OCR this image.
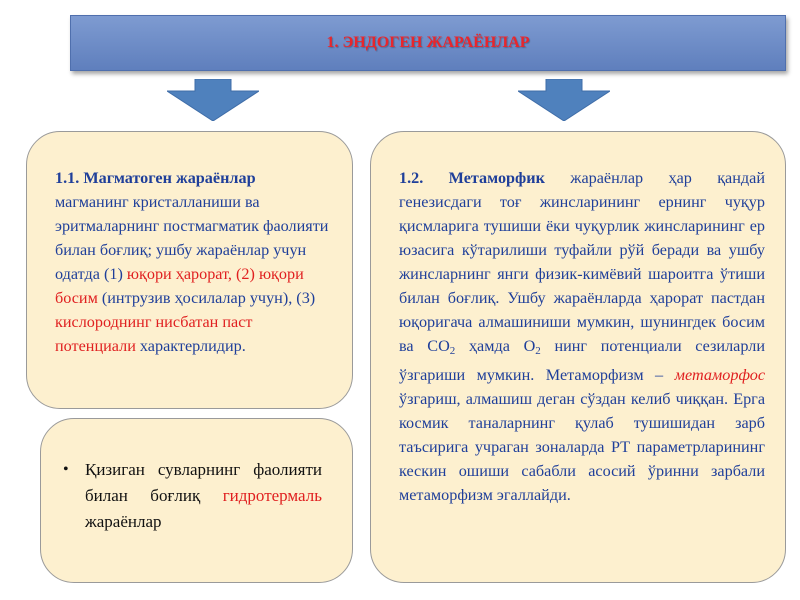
1. ЭНДОГЕН ЖАРАЁНЛАР
1.1. Магматоген жараёнлар магманинг кристалланиши ва эритмаларнинг постмагматик фаолияти билан боғлиқ; ушбу жараёнлар учун одатда (1) юқори ҳарорат, (2) юқори босим (интрузив ҳосилалар учун), (3) кислороднинг нисбатан паст потенциали характерлидир.
1.2. Метаморфик жараёнлар ҳар қандай генезисдаги тоғ жинсларининг ернинг чуқур қисмларига тушиши ёки чуқурлик жинсларининг ер юзасига кўтарилиши туфайли рўй беради ва ушбу жинсларнинг янги физик-кимёвий шароитга ўтиши билан боғлиқ. Ушбу жараёнларда ҳарорат пастдан юқоригача алмашиниши мумкин, шунингдек босим ва $CO_2$ ҳамда $O_2$ нинг потенциали сезиларли ўзгариши мумкин. Метаморфизм – метаморфос ўзгариш, алмашиш деган сўздан келиб чиққан. Ерга космик таналарнинг қулаб тушишидан зарб таъсирига учраган зоналарда РТ параметрларининг кескин ошиши сабабли асосий ўринни зарбали метаморфизм эгаллайди.
• Қизиган сувларнинг фаолияти билан боғлиқ гидротермаль жараёнлар
